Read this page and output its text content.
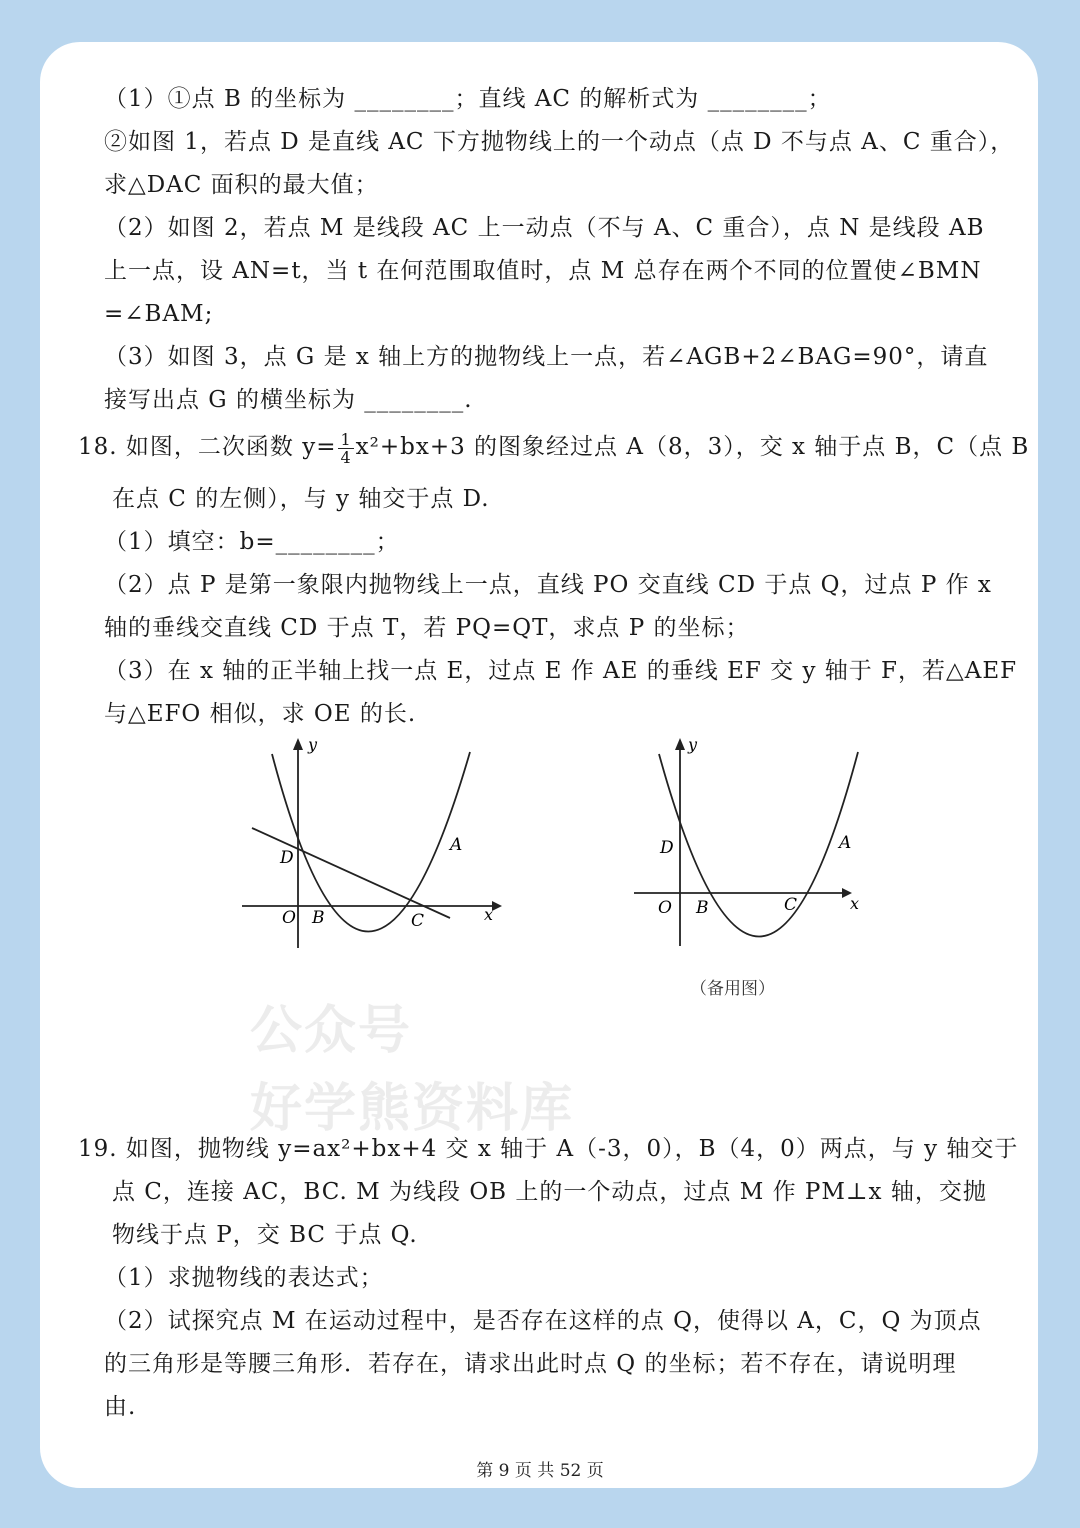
（1）①点 B 的坐标为 ________；直线 AC 的解析式为 ________；
②如图 1，若点 D 是直线 AC 下方抛物线上的一个动点（点 D 不与点 A、C 重合），
求△DAC 面积的最大值；
（2）如图 2，若点 M 是线段 AC 上一动点（不与 A、C 重合），点 N 是线段 AB
上一点，设 AN=t，当 t 在何范围取值时，点 M 总存在两个不同的位置使∠BMN
=∠BAM;
（3）如图 3，点 G 是 x 轴上方的抛物线上一点，若∠AGB+2∠BAG=90°，请直
接写出点 G 的横坐标为 ________.
18. 如图，二次函数 $y= \frac{1}{4} x^2+bx+3$ 的图象经过点 A（8，3），交 x 轴于点 B，C（点 B
在点 C 的左侧），与 y 轴交于点 D.
（1）填空：b=________；
（2）点 P 是第一象限内抛物线上一点，直线 PO 交直线 CD 于点 Q，过点 P 作 x
轴的垂线交直线 CD 于点 T，若 PQ=QT，求点 P 的坐标；
（3）在 x 轴的正半轴上找一点 E，过点 E 作 AE 的垂线 EF 交 y 轴于 F，若△AEF
与△EFO 相似，求 OE 的长.
y
x
D
A
O B	C
y
x
D	A
O B	C
（备用图）
公众号
好学熊资料库
19. 如图，抛物线 y=ax²+bx+4 交 x 轴于 A（-3，0），B（4，0）两点，与 y 轴交于
点 C，连接 AC，BC. M 为线段 OB 上的一个动点，过点 M 作 PM⊥x 轴，交抛
物线于点 P，交 BC 于点 Q.
（1）求抛物线的表达式；
（2）试探究点 M 在运动过程中，是否存在这样的点 Q，使得以 A，C，Q 为顶点
的三角形是等腰三角形．若存在，请求出此时点 Q 的坐标；若不存在，请说明理
由.
第 9 页 共 52 页
